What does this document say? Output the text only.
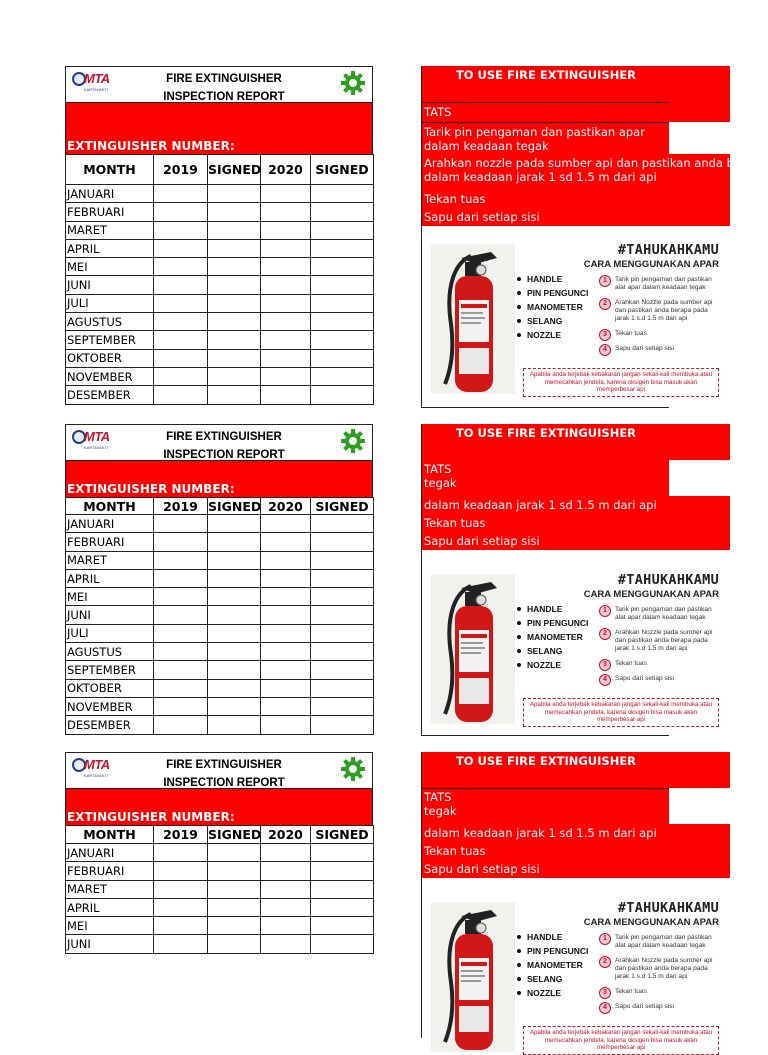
MTA
KARTAYAKTI
FIRE EXTINGUISHER
INSPECTION REPORT
EXTINGUISHER NUMBER:
MONTH	2019	SIGNED	2020	SIGNED
JANUARI				
FEBRUARI				
MARET				
APRIL				
MEI				
JUNI				
JULI				
AGUSTUS				
SEPTEMBER				
OKTOBER				
NOVEMBER				
DESEMBER				
MTA
KARTAYAKTI
FIRE EXTINGUISHER
INSPECTION REPORT
EXTINGUISHER NUMBER:
MONTH	2019	SIGNED	2020	SIGNED
JANUARI				
FEBRUARI				
MARET				
APRIL				
MEI				
JUNI				
JULI				
AGUSTUS				
SEPTEMBER				
OKTOBER				
NOVEMBER				
DESEMBER				
MTA
KARTAYAKTI
FIRE EXTINGUISHER
INSPECTION REPORT
EXTINGUISHER NUMBER:
MONTH	2019	SIGNED	2020	SIGNED
JANUARI				
FEBRUARI				
MARET				
APRIL				
MEI				
JUNI				
TO USE FIRE EXTINGUISHER
TATS
Tarik pin pengaman dan pastikan apar dalam keadaan tegak
Arahkan nozzle pada sumber api dan pastikan anda berapa
dalam keadaan jarak 1 sd 1.5 m dari api
Tekan tuas
Sapu dari setiap sisi
#TAHUKAHKAMU
CARA MENGGUNAKAN APAR
HANDLE
PIN PENGUNCI
MANOMETER
SELANG
NOZZLE
1	Tarik pin pengaman dan pastikan alat apar dalam keadaan tegak
2	Arahkan Nozzle pada sumber api dan pastikan anda berapa pada jarak 1 s.d 1.5 m dari api
3	Tekan tuas
4	Sapu dari setiap sisi
Apabila anda terjebak kebakaran jangan sekali-kali membuka atau memecahkan jendela, karena oksigen bisa masuk akan memperbesar api
TO USE FIRE EXTINGUISHER
TATS
tegak
dalam keadaan jarak 1 sd 1.5 m dari api
Tekan tuas
Sapu dari setiap sisi
#TAHUKAHKAMU
CARA MENGGUNAKAN APAR
HANDLE
PIN PENGUNCI
MANOMETER
SELANG
NOZZLE
1	Tarik pin pengaman dan pastikan alat apar dalam keadaan tegak
2	Arahkan Nozzle pada sumber api dan pastikan anda berapa pada jarak 1 s.d 1.5 m dari api
3	Tekan tuas
4	Sapu dari setiap sisi
Apabila anda terjebak kebakaran jangan sekali-kali membuka atau memecahkan jendela, karena oksigen bisa masuk akan memperbesar api
TO USE FIRE EXTINGUISHER
TATS
tegak
dalam keadaan jarak 1 sd 1.5 m dari api
Tekan tuas
Sapu dari setiap sisi
#TAHUKAHKAMU
CARA MENGGUNAKAN APAR
HANDLE
PIN PENGUNCI
MANOMETER
SELANG
NOZZLE
1	Tarik pin pengaman dan pastikan alat apar dalam keadaan tegak
2	Arahkan Nozzle pada sumber api dan pastikan anda berapa pada jarak 1 s.d 1.5 m dari api
3	Tekan tuas
4	Sapu dari setiap sisi
Apabila anda terjebak kebakaran jangan sekali-kali membuka atau memecahkan jendela, karena oksigen bisa masuk akan memperbesar api
